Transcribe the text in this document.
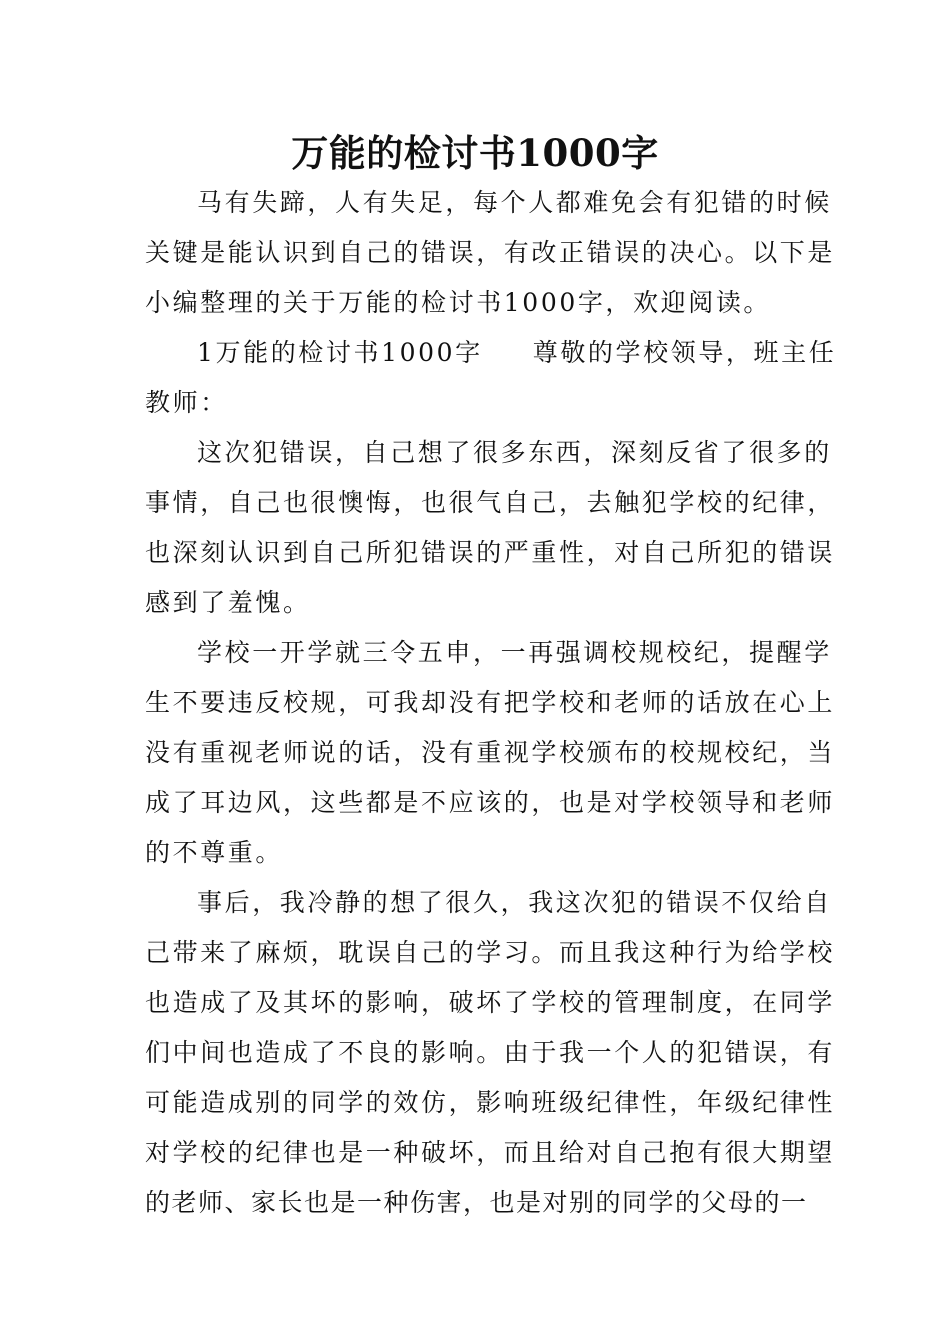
万能的检讨书1000字
马有失蹄，人有失足，每个人都难免会有犯错的时候
关键是能认识到自己的错误，有改正错误的决心。以下是
小编整理的关于万能的检讨书1000字，欢迎阅读。
1万能的检讨书1000字 尊敬的学校领导，班主任
教师：
这次犯错误，自己想了很多东西，深刻反省了很多的
事情，自己也很懊悔，也很气自己，去触犯学校的纪律，
也深刻认识到自己所犯错误的严重性，对自己所犯的错误
感到了羞愧。
学校一开学就三令五申，一再强调校规校纪，提醒学
生不要违反校规，可我却没有把学校和老师的话放在心上
没有重视老师说的话，没有重视学校颁布的校规校纪，当
成了耳边风，这些都是不应该的，也是对学校领导和老师
的不尊重。
事后，我冷静的想了很久，我这次犯的错误不仅给自
己带来了麻烦，耽误自己的学习。而且我这种行为给学校
也造成了及其坏的影响，破坏了学校的管理制度，在同学
们中间也造成了不良的影响。由于我一个人的犯错误，有
可能造成别的同学的效仿，影响班级纪律性，年级纪律性
对学校的纪律也是一种破坏，而且给对自己抱有很大期望
的老师、家长也是一种伤害，也是对别的同学的父母的一
